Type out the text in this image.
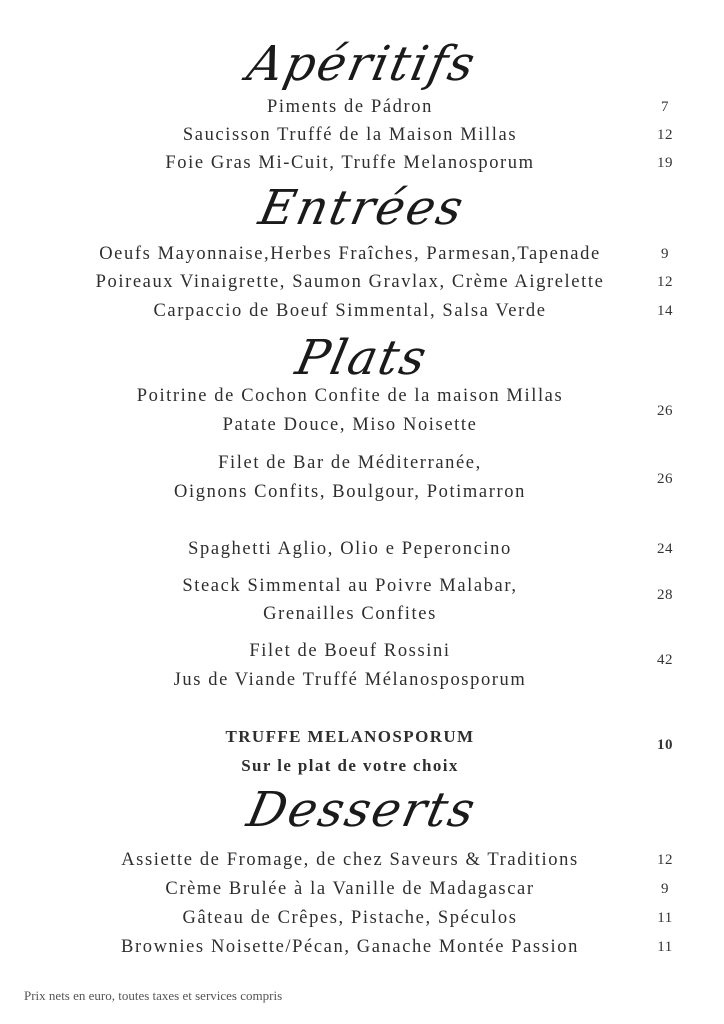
Apéritifs
Piments de Pádron	7
Saucisson Truffé de la Maison Millas	12
Foie Gras Mi-Cuit, Truffe Melanosporum	19
Entrées
Oeufs Mayonnaise,Herbes Fraîches, Parmesan,Tapenade	9
Poireaux Vinaigrette, Saumon Gravlax, Crème Aigrelette	12
Carpaccio de Boeuf Simmental, Salsa Verde	14
Plats
Poitrine de Cochon Confite de la maison Millas
Patate Douce, Miso Noisette
26
Filet de Bar de Méditerranée,
Oignons Confits, Boulgour, Potimarron
26
Spaghetti Aglio, Olio e Peperoncino	24
Steack Simmental au Poivre Malabar,
Grenailles Confites
28
Filet de Boeuf Rossini
Jus de Viande Truffé Mélanosposporum
42
TRUFFE MELANOSPORUM
Sur le plat de votre choix
10
Desserts
Assiette de Fromage, de chez Saveurs & Traditions	12
Crème Brulée à la Vanille de Madagascar	9
Gâteau de Crêpes, Pistache, Spéculos	11
Brownies Noisette/Pécan, Ganache Montée Passion	11
Prix nets en euro, toutes taxes et services compris
